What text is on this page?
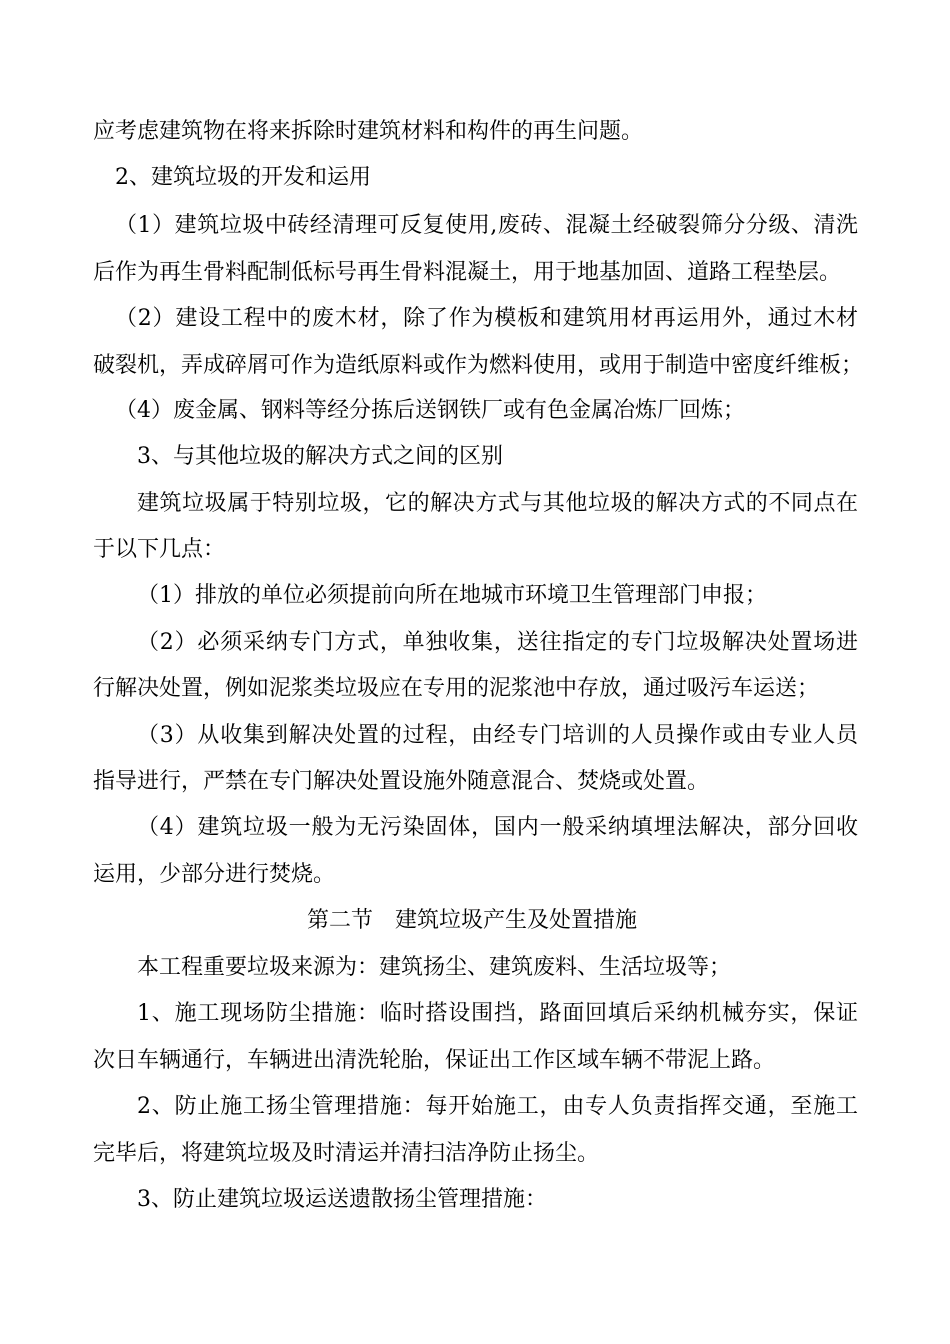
应考虑建筑物在将来拆除时建筑材料和构件的再生问题。
2、建筑垃圾的开发和运用
（1）建筑垃圾中砖经清理可反复使用,废砖、混凝土经破裂筛分分级、清洗
后作为再生骨料配制低标号再生骨料混凝土，用于地基加固、道路工程垫层。
（2）建设工程中的废木材，除了作为模板和建筑用材再运用外，通过木材
破裂机，弄成碎屑可作为造纸原料或作为燃料使用，或用于制造中密度纤维板；
（4）废金属、钢料等经分拣后送钢铁厂或有色金属冶炼厂回炼；
3、与其他垃圾的解决方式之间的区别
建筑垃圾属于特别垃圾，它的解决方式与其他垃圾的解决方式的不同点在
于以下几点：
（1）排放的单位必须提前向所在地城市环境卫生管理部门申报；
（2）必须采纳专门方式，单独收集，送往指定的专门垃圾解决处置场进
行解决处置，例如泥浆类垃圾应在专用的泥浆池中存放，通过吸污车运送；
（3）从收集到解决处置的过程，由经专门培训的人员操作或由专业人员
指导进行，严禁在专门解决处置设施外随意混合、焚烧或处置。
（4）建筑垃圾一般为无污染固体，国内一般采纳填埋法解决，部分回收
运用，少部分进行焚烧。
第二节　建筑垃圾产生及处置措施
本工程重要垃圾来源为：建筑扬尘、建筑废料、生活垃圾等；
1、施工现场防尘措施：临时搭设围挡，路面回填后采纳机械夯实，保证
次日车辆通行，车辆进出清洗轮胎，保证出工作区域车辆不带泥上路。
2、防止施工扬尘管理措施：每开始施工，由专人负责指挥交通，至施工
完毕后，将建筑垃圾及时清运并清扫洁净防止扬尘。
3、防止建筑垃圾运送遗散扬尘管理措施：
